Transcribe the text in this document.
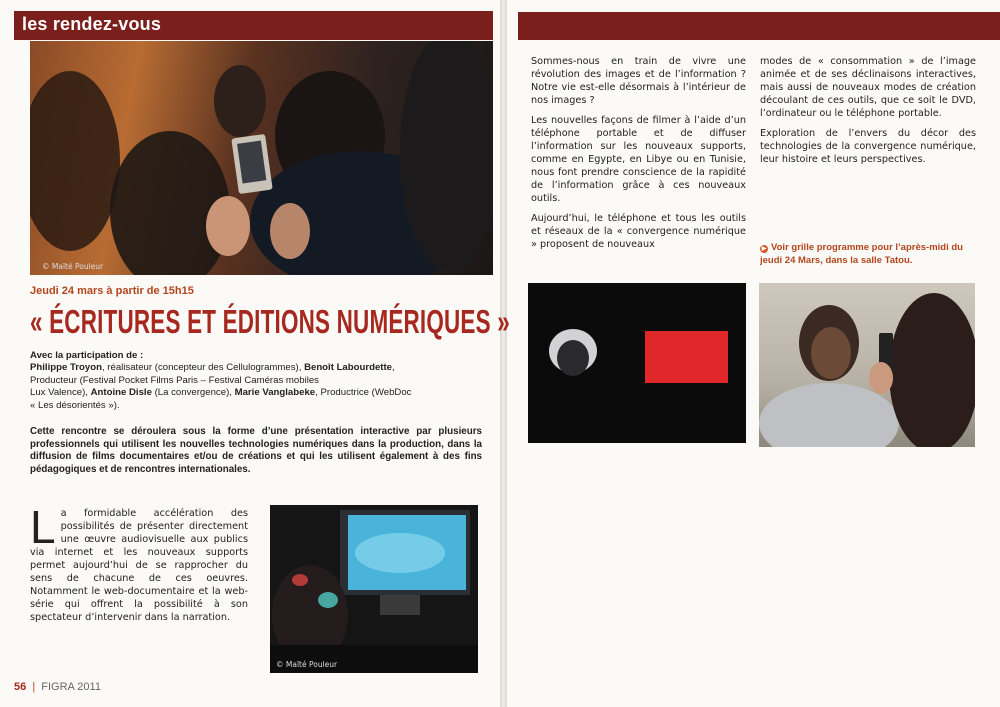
les rendez-vous
© Maïté Pouleur
Jeudi 24 mars à partir de 15h15
« ÉCRITURES ET ÉDITIONS NUMÉRIQUES »
Avec la participation de :
Philippe Troyon, réalisateur (concepteur des Cellulogrammes), Benoît Labourdette,
Producteur (Festival Pocket Films Paris – Festival Caméras mobiles
Lux Valence), Antoine Disle (La convergence), Marie Vanglabeke, Productrice (WebDoc
« Les désorientés »).
Cette rencontre se déroulera sous la forme d’une présentation interactive par plusieurs professionnels qui utilisent les nouvelles technologies numériques dans la production, dans la diffusion de films documentaires et/ou de créations et qui les utilisent également à des fins pédagogiques et de rencontres internationales.
La formidable accélération des possibilités de présenter directement une œuvre audiovisuelle aux publics via internet et les nouveaux supports permet aujourd’hui de se rapprocher du sens de chacune de ces oeuvres. Notamment le web-documentaire et la web-série qui offrent la possibilité à son spectateur d’intervenir dans la narration.
© Maïté Pouleur
56 | FIGRA 2011

Sommes-nous en train de vivre une révolution des images et de l’information ? Notre vie est-elle désormais à l’intérieur de nos images ?

Les nouvelles façons de filmer à l’aide d’un téléphone portable et de diffuser l’information sur les nouveaux supports, comme en Egypte, en Libye ou en Tunisie, nous font prendre conscience de la rapidité de l’information grâce à ces nouveaux outils.

Aujourd’hui, le téléphone et tous les outils et réseaux de la « convergence numérique » proposent de nouveaux

modes de « consommation » de l’image animée et de ses déclinaisons interactives, mais aussi de nouveaux modes de création découlant de ces outils, que ce soit le DVD, l’ordinateur ou le téléphone portable.

Exploration de l’envers du décor des technologies de la convergence numérique, leur histoire et leurs perspectives.

▶ Voir grille programme pour l’après-midi du jeudi 24 Mars, dans la salle Tatou.
